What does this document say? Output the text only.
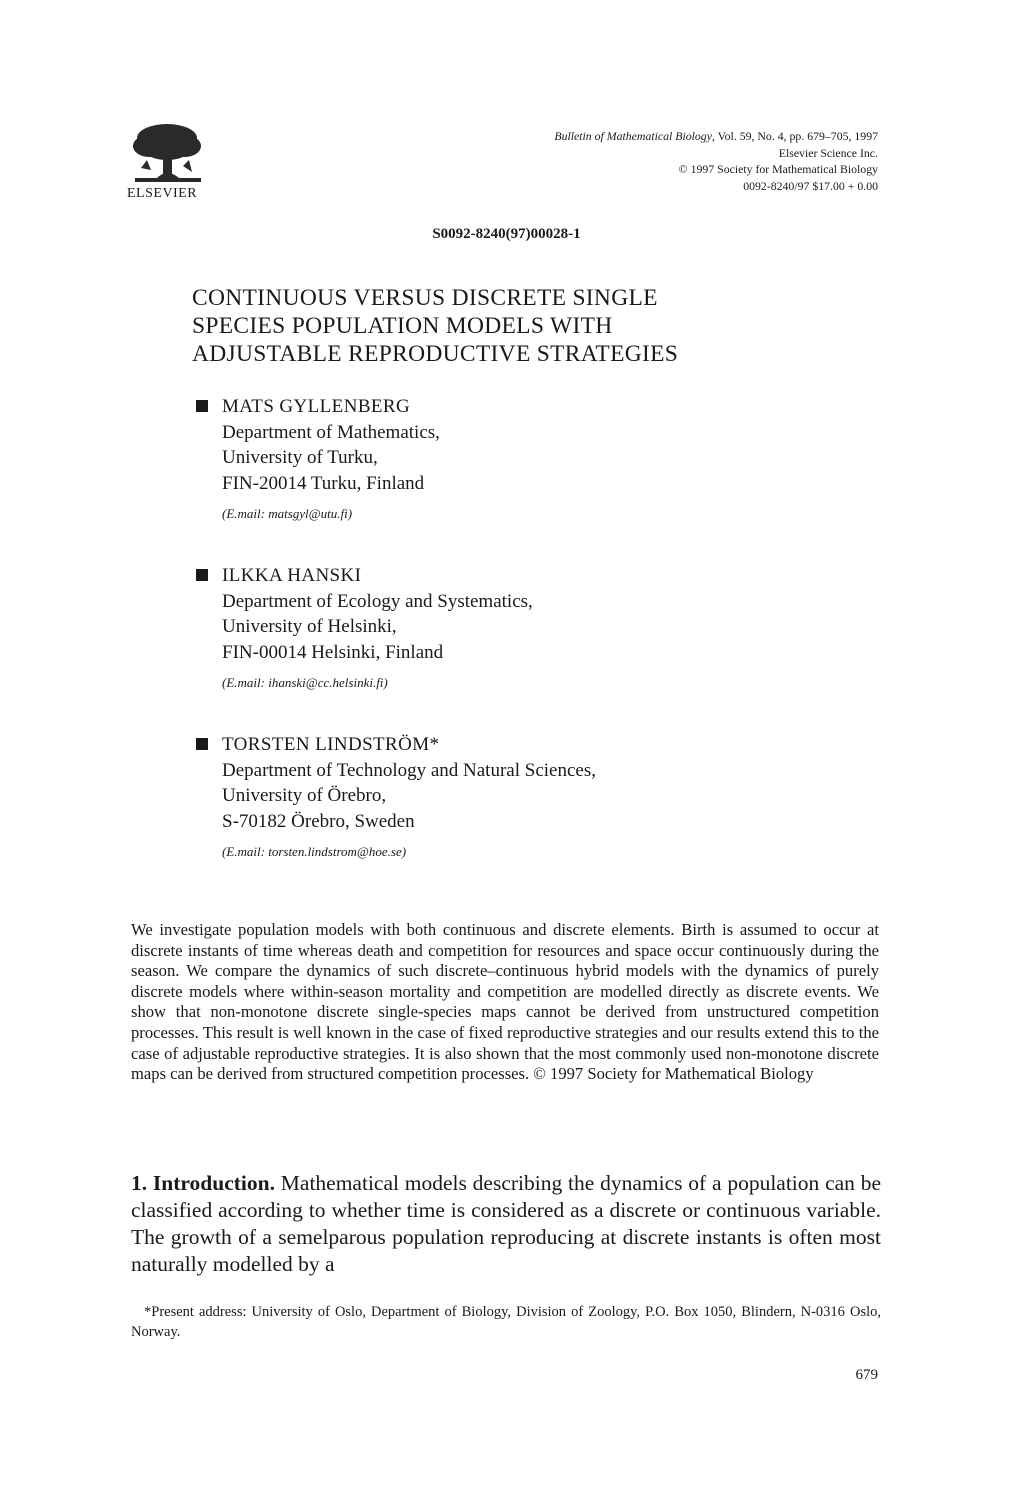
ELSEVIER
Bulletin of Mathematical Biology, Vol. 59, No. 4, pp. 679–705, 1997
Elsevier Science Inc.
© 1997 Society for Mathematical Biology
0092-8240/97 $17.00 + 0.00
S0092-8240(97)00028-1
CONTINUOUS VERSUS DISCRETE SINGLE
SPECIES POPULATION MODELS WITH
ADJUSTABLE REPRODUCTIVE STRATEGIES
MATS GYLLENBERG
Department of Mathematics,
University of Turku,
FIN-20014 Turku, Finland
(E.mail: matsgyl@utu.fi)
ILKKA HANSKI
Department of Ecology and Systematics,
University of Helsinki,
FIN-00014 Helsinki, Finland
(E.mail: ihanski@cc.helsinki.fi)
TORSTEN LINDSTRÖM*
Department of Technology and Natural Sciences,
University of Örebro,
S-70182 Örebro, Sweden
(E.mail: torsten.lindstrom@hoe.se)
We investigate population models with both continuous and discrete elements. Birth is assumed to occur at discrete instants of time whereas death and competition for resources and space occur continuously during the season. We compare the dynamics of such discrete–continuous hybrid models with the dynamics of purely discrete models where within-season mortality and competition are modelled directly as discrete events. We show that non-monotone discrete single-species maps cannot be derived from unstructured competition processes. This result is well known in the case of fixed reproductive strategies and our results extend this to the case of adjustable reproductive strategies. It is also shown that the most commonly used non-monotone discrete maps can be derived from structured competition processes. © 1997 Society for Mathematical Biology
1. Introduction. Mathematical models describing the dynamics of a population can be classified according to whether time is considered as a discrete or continuous variable. The growth of a semelparous population reproducing at discrete instants is often most naturally modelled by a
*Present address: University of Oslo, Department of Biology, Division of Zoology, P.O. Box 1050, Blindern, N-0316 Oslo, Norway.
679
